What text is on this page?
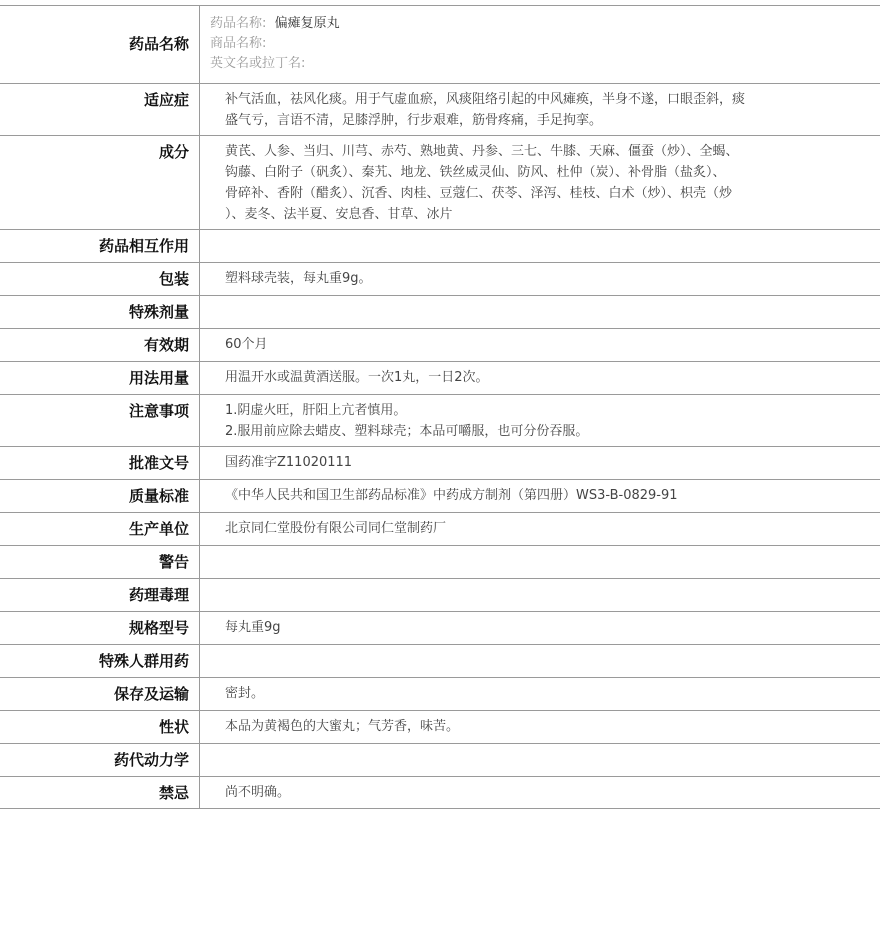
药品名称
药品名称: 偏瘫复原丸
商品名称:
英文名或拉丁名:
适应症	补气活血，祛风化痰。用于气虚血瘀，风痰阻络引起的中风瘫痪，半身不遂，口眼歪斜，痰
盛气亏，言语不清，足膝浮肿，行步艰难，筋骨疼痛，手足拘挛。
成分	黄芪、人参、当归、川芎、赤芍、熟地黄、丹参、三七、牛膝、天麻、僵蚕（炒）、全蝎、
钩藤、白附子（矾炙）、秦艽、地龙、铁丝威灵仙、防风、杜仲（炭）、补骨脂（盐炙）、
骨碎补、香附（醋炙）、沉香、肉桂、豆蔻仁、茯苓、泽泻、桂枝、白术（炒）、枳壳（炒
）、麦冬、法半夏、安息香、甘草、冰片
药品相互作用
包装	塑料球壳装，每丸重9g。
特殊剂量
有效期	60个月
用法用量	用温开水或温黄酒送服。一次1丸，一日2次。
注意事项	1.阴虚火旺，肝阳上亢者慎用。
2.服用前应除去蜡皮、塑料球壳；本品可嚼服，也可分份吞服。
批准文号	国药准字Z11020111
质量标准	《中华人民共和国卫生部药品标准》中药成方制剂（第四册）WS3-B-0829-91
生产单位	北京同仁堂股份有限公司同仁堂制药厂
警告
药理毒理
规格型号	每丸重9g
特殊人群用药
保存及运输	密封。
性状	本品为黄褐色的大蜜丸；气芳香，味苦。
药代动力学
禁忌	尚不明确。
